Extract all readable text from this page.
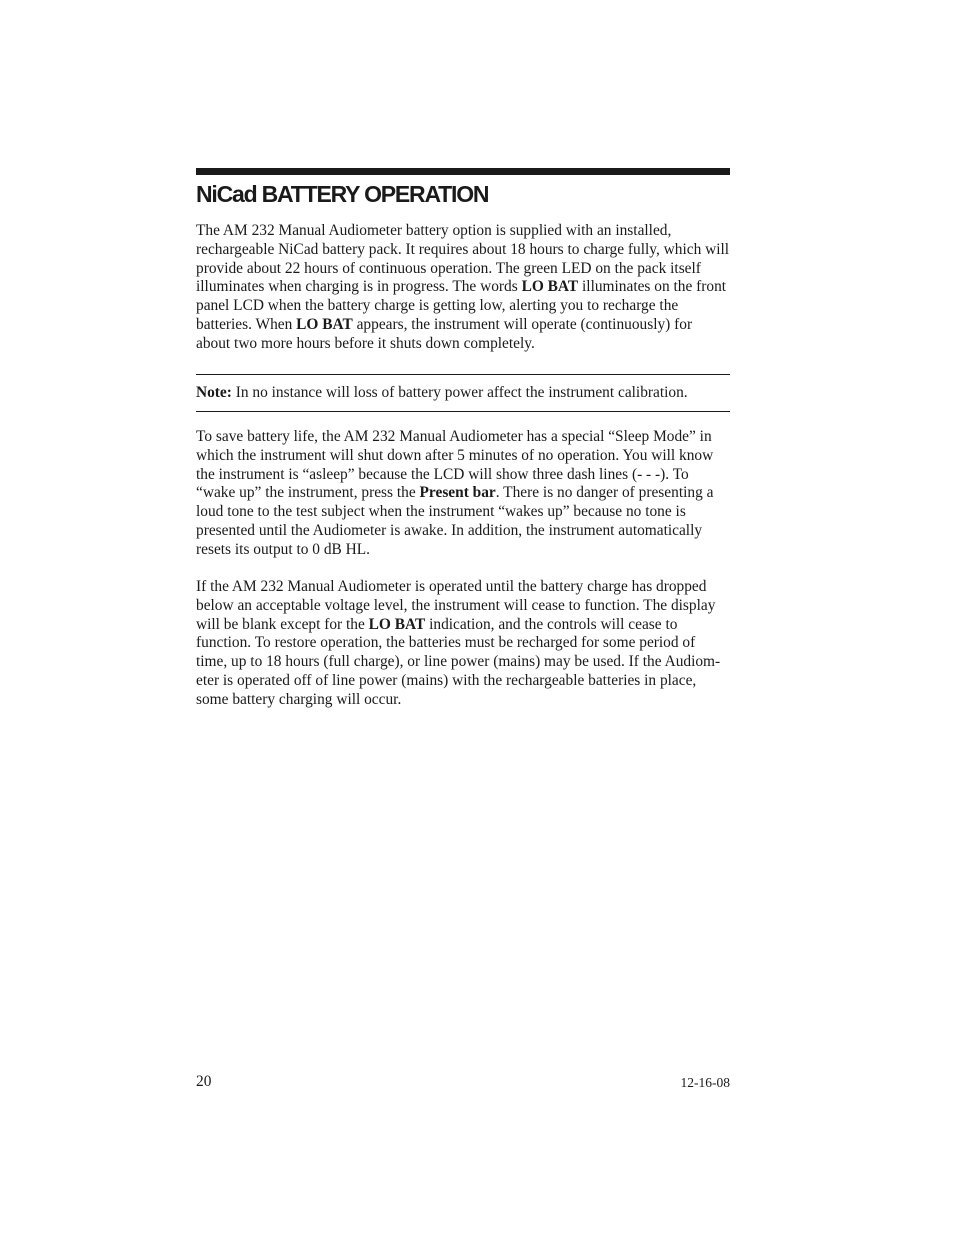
NiCad BATTERY OPERATION
The AM 232 Manual Audiometer battery option is supplied with an installed,
rechargeable NiCad battery pack. It requires about 18 hours to charge fully, which will
provide about 22 hours of continuous operation. The green LED on the pack itself
illuminates when charging is in progress. The words LO BAT illuminates on the front
panel LCD when the battery charge is getting low, alerting you to recharge the
batteries. When LO BAT appears, the instrument will operate (continuously) for
about two more hours before it shuts down completely.

Note: In no instance will loss of battery power affect the instrument calibration.

To save battery life, the AM 232 Manual Audiometer has a special “Sleep Mode” in
which the instrument will shut down after 5 minutes of no operation. You will know
the instrument is “asleep” because the LCD will show three dash lines (- - -). To
“wake up” the instrument, press the Present bar. There is no danger of presenting a
loud tone to the test subject when the instrument “wakes up” because no tone is
presented until the Audiometer is awake. In addition, the instrument automatically
resets its output to 0 dB HL.
If the AM 232 Manual Audiometer is operated until the battery charge has dropped
below an acceptable voltage level, the instrument will cease to function. The display
will be blank except for the LO BAT indication, and the controls will cease to
function. To restore operation, the batteries must be recharged for some period of
time, up to 18 hours (full charge), or line power (mains) may be used. If the Audiom-
eter is operated off of line power (mains) with the rechargeable batteries in place,
some battery charging will occur.
20	12-16-08
